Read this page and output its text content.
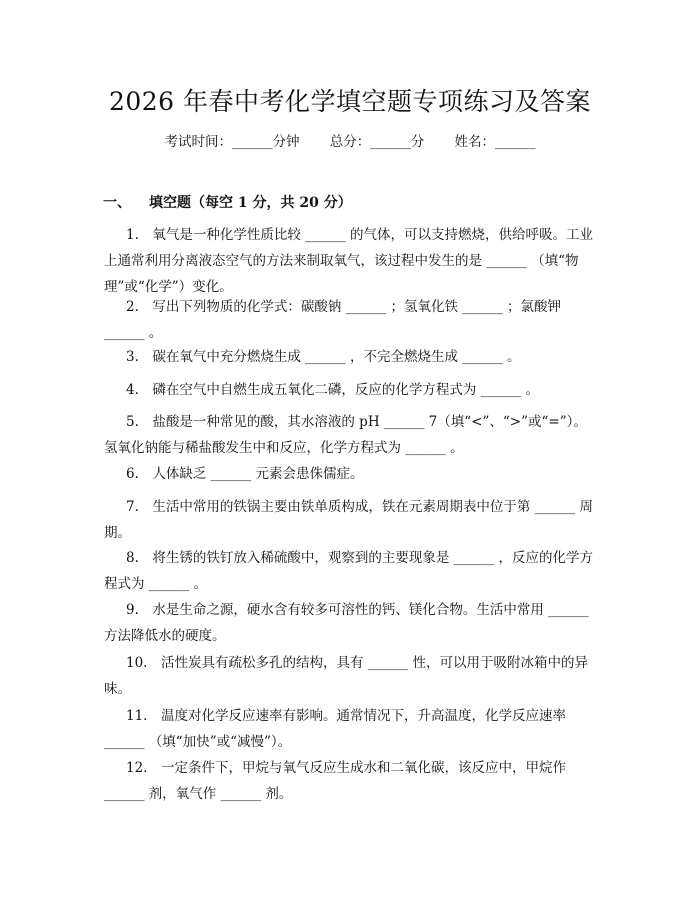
2026 年春中考化学填空题专项练习及答案
考试时间：______分钟 总分：______分 姓名：______
一、 填空题（每空 1 分，共 20 分）

1.　氧气是一种化学性质比较 ______ 的气体，可以支持燃烧，供给呼吸。工业上通常利用分离液态空气的方法来制取氧气，该过程中发生的是 ______ （填“物理”或“化学”）变化。

2.　写出下列物质的化学式：碳酸钠 ______ ；氢氧化铁 ______ ；氯酸钾 ______ 。

3.　碳在氧气中充分燃烧生成 ______ ，不完全燃烧生成 ______ 。

4.　磷在空气中自燃生成五氧化二磷，反应的化学方程式为 ______ 。

5.　盐酸是一种常见的酸，其水溶液的 pH ______ 7（填“<”、“>”或“=”）。氢氧化钠能与稀盐酸发生中和反应，化学方程式为 ______ 。

6.　人体缺乏 ______ 元素会患侏儒症。

7.　生活中常用的铁锅主要由铁单质构成，铁在元素周期表中位于第 ______ 周期。

8.　将生锈的铁钉放入稀硫酸中，观察到的主要现象是 ______ ，反应的化学方程式为 ______ 。

9.　水是生命之源，硬水含有较多可溶性的钙、镁化合物。生活中常用 ______ 方法降低水的硬度。

10.　活性炭具有疏松多孔的结构，具有 ______ 性，可以用于吸附冰箱中的异味。

11.　温度对化学反应速率有影响。通常情况下，升高温度，化学反应速率 ______ （填“加快”或“减慢”）。

12.　一定条件下，甲烷与氧气反应生成水和二氧化碳，该反应中，甲烷作 ______ 剂，氧气作 ______ 剂。
